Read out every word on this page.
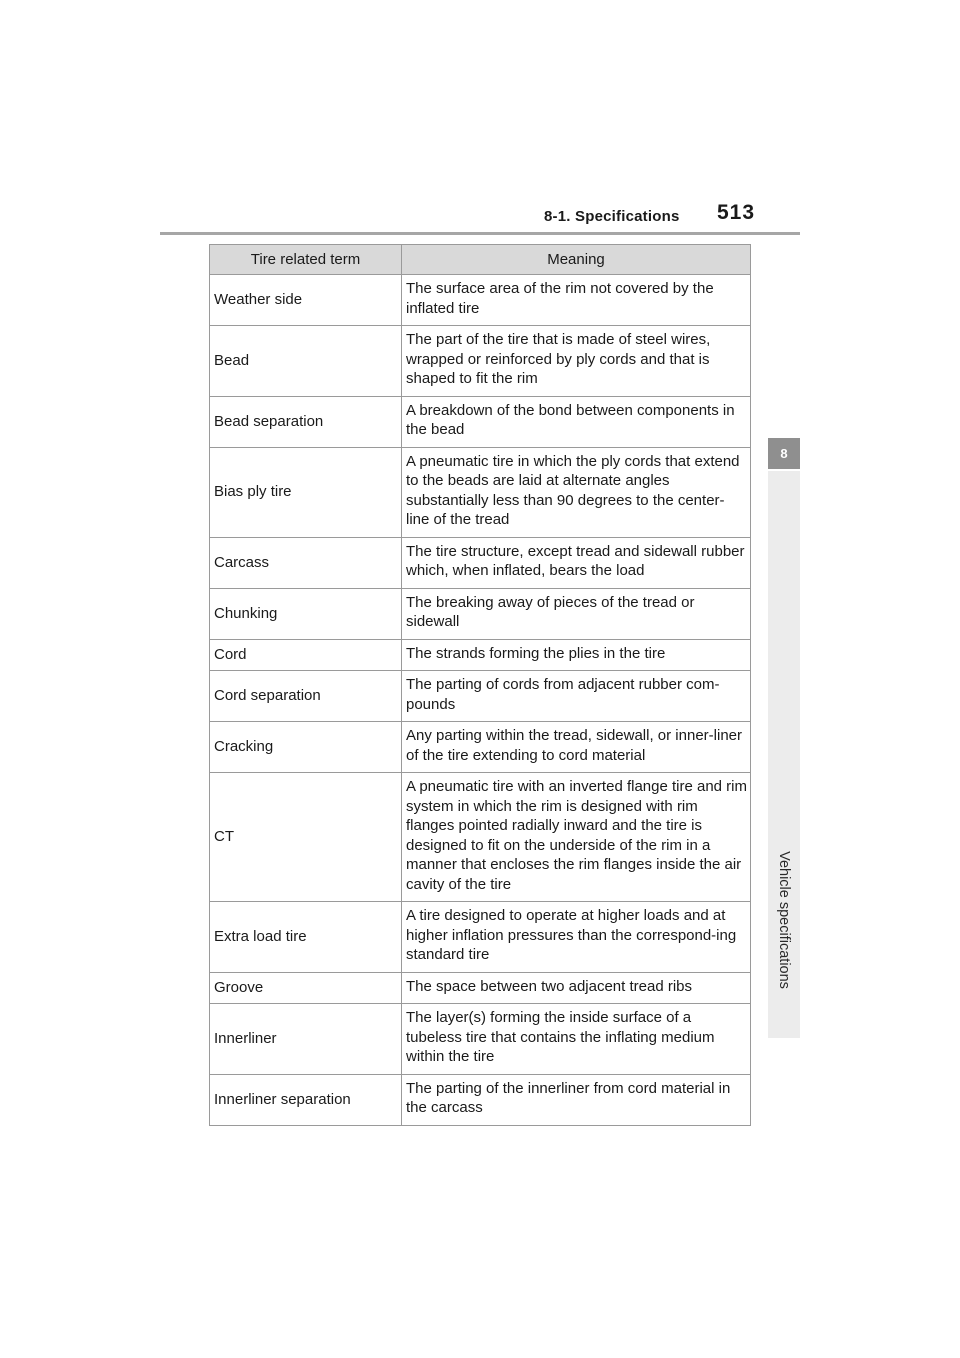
8-1. Specifications 513
8
Vehicle specifications
Tire related term	Meaning
Weather side	The surface area of the rim not covered by the inflated tire
Bead	The part of the tire that is made of steel wires, wrapped or reinforced by ply cords and that is shaped to fit the rim
Bead separation	A breakdown of the bond between components in the bead
Bias ply tire	A pneumatic tire in which the ply cords that extend to the beads are laid at alternate angles substantially less than 90 degrees to the center-line of the tread
Carcass	The tire structure, except tread and sidewall rubber which, when inflated, bears the load
Chunking	The breaking away of pieces of the tread or sidewall
Cord	The strands forming the plies in the tire
Cord separation	The parting of cords from adjacent rubber com-pounds
Cracking	Any parting within the tread, sidewall, or inner-liner of the tire extending to cord material
CT	A pneumatic tire with an inverted flange tire and rim system in which the rim is designed with rim flanges pointed radially inward and the tire is designed to fit on the underside of the rim in a manner that encloses the rim flanges inside the air cavity of the tire
Extra load tire	A tire designed to operate at higher loads and at higher inflation pressures than the correspond-ing standard tire
Groove	The space between two adjacent tread ribs
Innerliner	The layer(s) forming the inside surface of a tubeless tire that contains the inflating medium within the tire
Innerliner separation	The parting of the innerliner from cord material in the carcass
